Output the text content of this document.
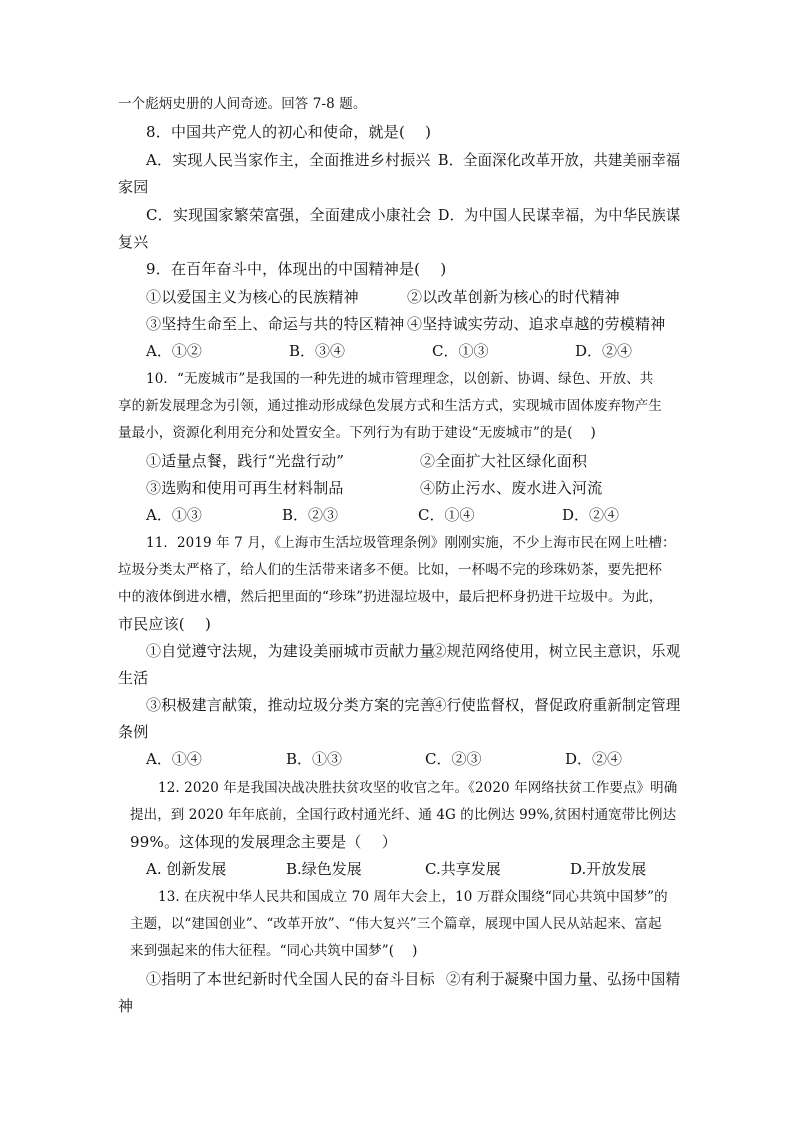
一个彪炳史册的人间奇迹。回答 7-8 题。
8．中国共产党人的初心和使命，就是(　 )
A．实现人民当家作主，全面推进乡村振兴 B．全面深化改革开放，共建美丽幸福
家园
C．实现国家繁荣富强，全面建成小康社会 D．为中国人民谋幸福，为中华民族谋
复兴
9．在百年奋斗中，体现出的中国精神是(　 )
①以爱国主义为核心的民族精神	②以改革创新为核心的时代精神
③坚持生命至上、命运与共的特区精神 ④坚持诚实劳动、追求卓越的劳模精神
A．①②	B．③④	C．①③	D．②④
10．“无废城市”是我国的一种先进的城市管理理念，以创新、协调、绿色、开放、共
享的新发展理念为引领，通过推动形成绿色发展方式和生活方式，实现城市固体废弃物产生
量最小，资源化利用充分和处置安全。下列行为有助于建设“无废城市”的是(　 )
①适量点餐，践行“光盘行动”	②全面扩大社区绿化面积
③选购和使用可再生材料制品	④防止污水、废水进入河流
A．①③	B．②③	C．①④	D．②④
11．2019 年 7 月，《上海市生活垃圾管理条例》刚刚实施，不少上海市民在网上吐槽：
垃圾分类太严格了，给人们的生活带来诸多不便。比如，一杯喝不完的珍珠奶茶，要先把杯
中的液体倒进水槽，然后把里面的“珍珠”扔进湿垃圾中，最后把杯身扔进干垃圾中。为此，
市民应该(　 )
①自觉遵守法规，为建设美丽城市贡献力量
②规范网络使用，树立民主意识，乐观
生活
③积极建言献策，推动垃圾分类方案的完善
④行使监督权，督促政府重新制定管理
条例
A．①④	B．①③	C．②③	D．②④
12. 2020 年是我国决战决胜扶贫攻坚的收官之年。《2020 年网络扶贫工作要点》明确
提出，到 2020 年年底前，全国行政村通光纤、通 4G 的比例达 99%,贫困村通宽带比例达
99%。这体现的发展理念主要是（　 ）
A. 创新发展	B.绿色发展	C.共享发展	D.开放发展
13. 在庆祝中华人民共和国成立 70 周年大会上，10 万群众围绕“同心共筑中国梦”的
主题，以“建国创业”、“改革开放”、“伟大复兴”三个篇章，展现中国人民从站起来、富起
来到强起来的伟大征程。“同心共筑中国梦”(　 )
①指明了本世纪新时代全国人民的奋斗目标 ②有利于凝聚中国力量、弘扬中国精
神
